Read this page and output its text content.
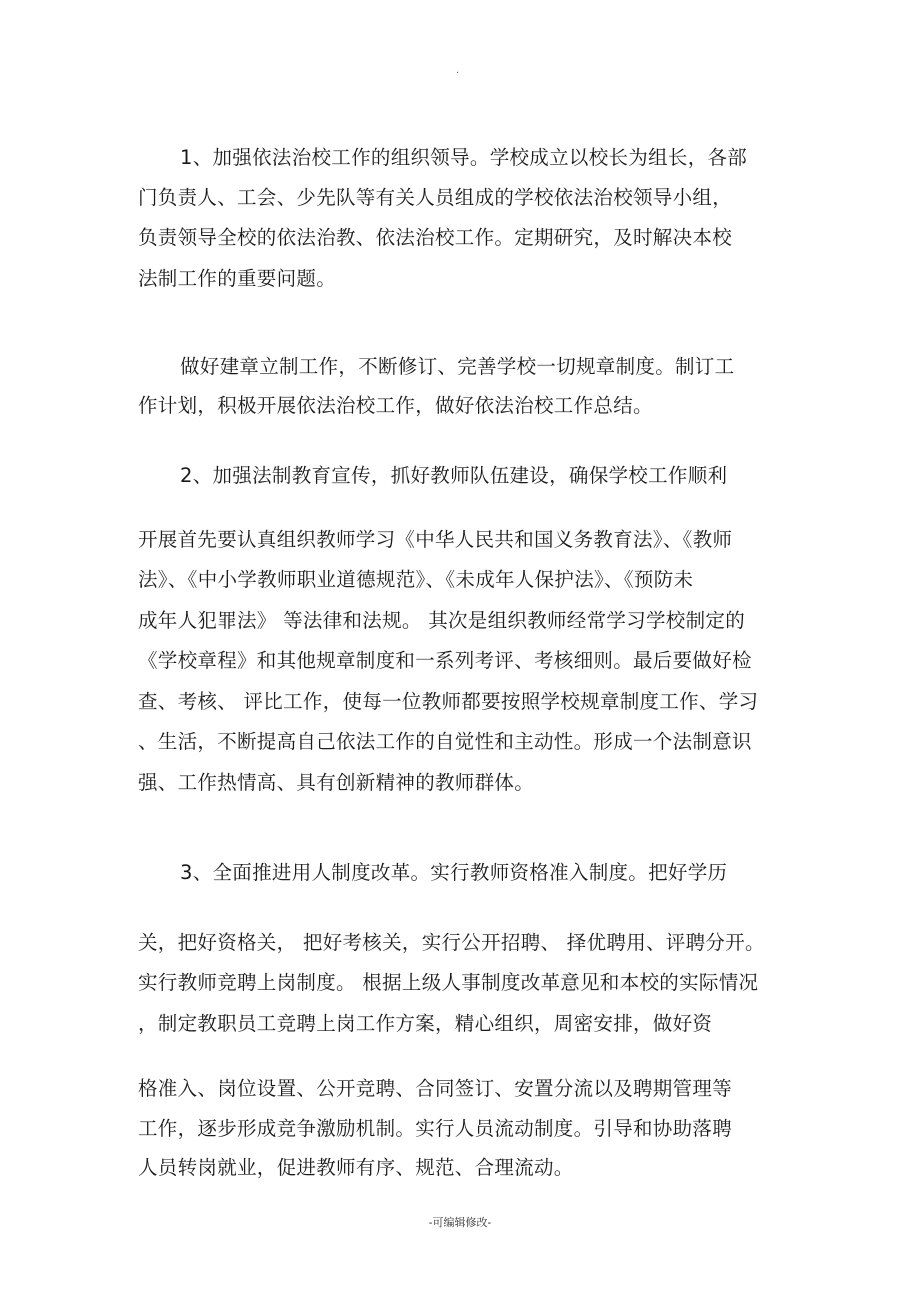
.
1、加强依法治校工作的组织领导。学校成立以校长为组长，各部
门负责人、工会、少先队等有关人员组成的学校依法治校领导小组，
负责领导全校的依法治教、依法治校工作。定期研究，及时解决本校
法制工作的重要问题。
做好建章立制工作，不断修订、完善学校一切规章制度。制订工
作计划，积极开展依法治校工作，做好依法治校工作总结。
2、加强法制教育宣传，抓好教师队伍建设，确保学校工作顺利
开展首先要认真组织教师学习《中华人民共和国义务教育法》、《教师
法》、《中小学教师职业道德规范》、《未成年人保护法》、《预防未
成年人犯罪法》 等法律和法规。 其次是组织教师经常学习学校制定的
《学校章程》和其他规章制度和一系列考评、考核细则。最后要做好检
查、考核、 评比工作，使每一位教师都要按照学校规章制度工作、学习
、生活，不断提高自己依法工作的自觉性和主动性。形成一个法制意识
强、工作热情高、具有创新精神的教师群体。
3、全面推进用人制度改革。实行教师资格准入制度。把好学历
关，把好资格关， 把好考核关，实行公开招聘、 择优聘用、评聘分开。
实行教师竞聘上岗制度。 根据上级人事制度改革意见和本校的实际情况
，制定教职员工竞聘上岗工作方案，精心组织，周密安排，做好资
格准入、岗位设置、公开竞聘、合同签订、安置分流以及聘期管理等
工作，逐步形成竞争激励机制。实行人员流动制度。引导和协助落聘
人员转岗就业，促进教师有序、规范、合理流动。
-可编辑修改-
